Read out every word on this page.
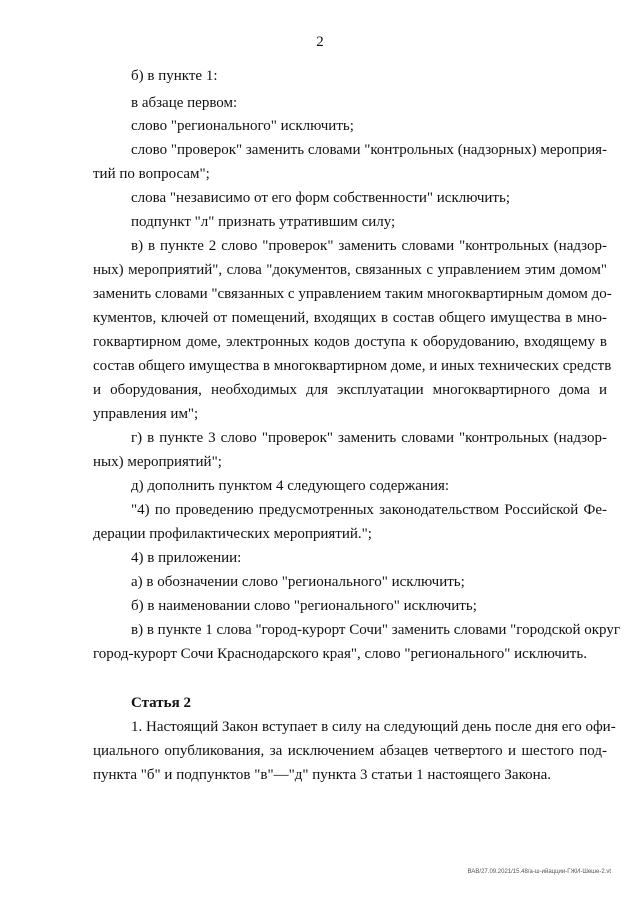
2
б) в пункте 1:
в абзаце первом:
слово "регионального" исключить;
слово "проверок" заменить словами "контрольных (надзорных) мероприя-
тий по вопросам";
слова "независимо от его форм собственности" исключить;
подпункт "л" признать утратившим силу;
в) в пункте 2 слово "проверок" заменить словами "контрольных (надзор-
ных) мероприятий", слова "документов, связанных с управлением этим домом"
заменить словами "связанных с управлением таким многоквартирным домом до-
кументов, ключей от помещений, входящих в состав общего имущества в мно-
гоквартирном доме, электронных кодов доступа к оборудованию, входящему в
состав общего имущества в многоквартирном доме, и иных технических средств
и оборудования, необходимых для эксплуатации многоквартирного дома и
управления им";
г) в пункте 3 слово "проверок" заменить словами "контрольных (надзор-
ных) мероприятий";
д) дополнить пунктом 4 следующего содержания:
"4) по проведению предусмотренных законодательством Российской Фе-
дерации профилактических мероприятий.";
4) в приложении:
а) в обозначении слово "регионального" исключить;
б) в наименовании слово "регионального" исключить;
в) в пункте 1 слова "город-курорт Сочи" заменить словами "городской округ
город-курорт Сочи Краснодарского края", слово "регионального" исключить.
Статья 2
1. Настоящий Закон вступает в силу на следующий день после дня его офи-
циального опубликования, за исключением абзацев четвертого и шестого под-
пункта "б" и подпунктов "в"—"д" пункта 3 статьи 1 настоящего Закона.
ВАВ/27.09.2021/15.48/а-ш-ийацции-ГЖИ-Шеше-2.vt
